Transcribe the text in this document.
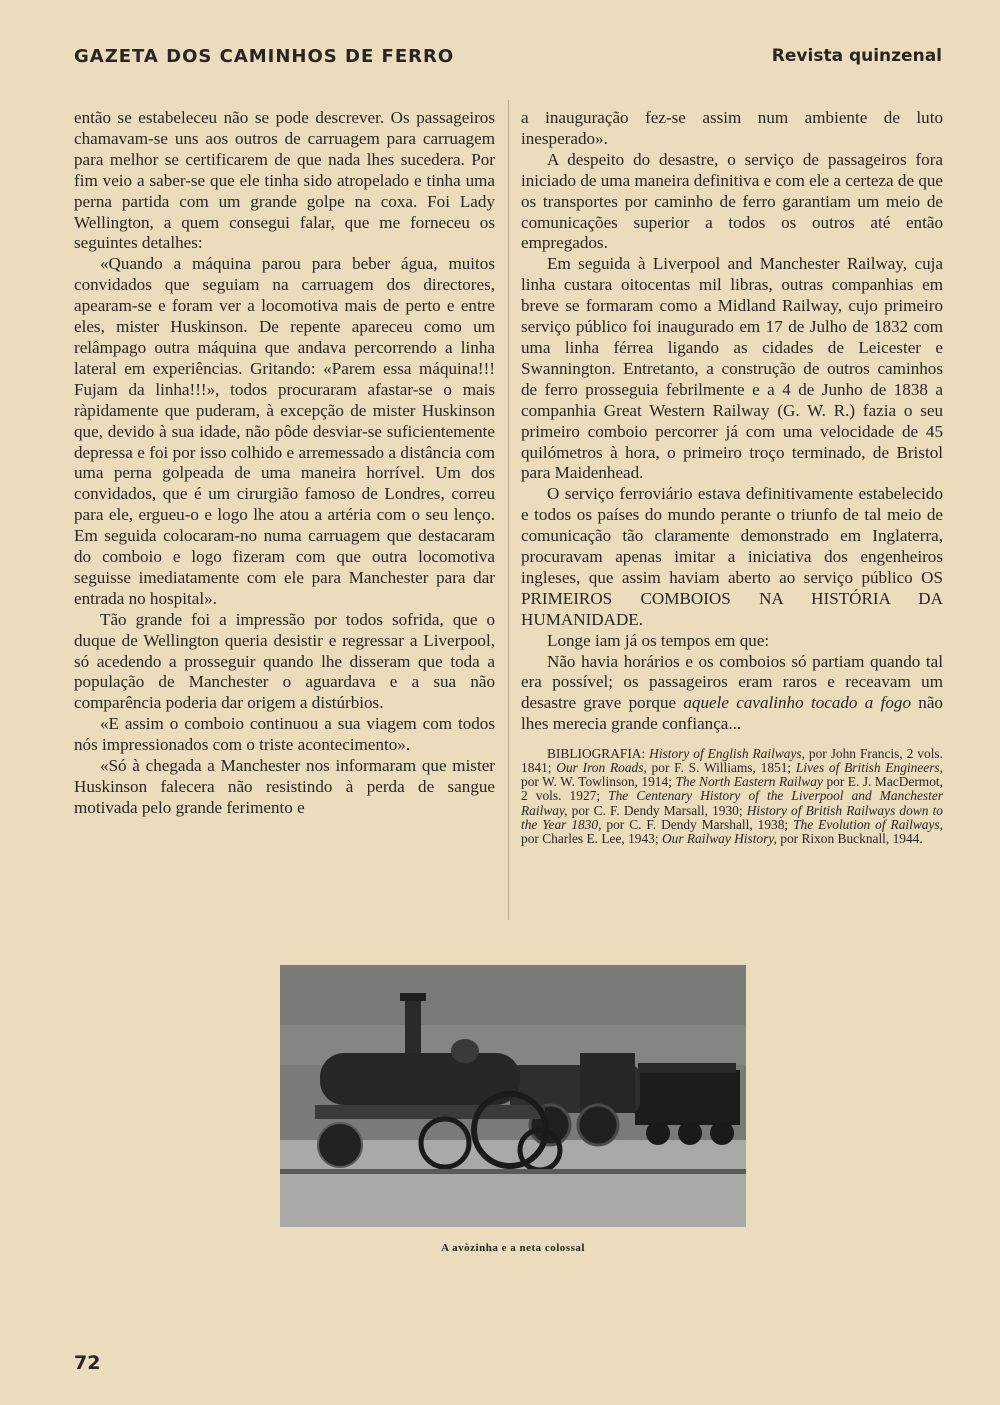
GAZETA DOS CAMINHOS DE FERRO	Revista quinzenal

então se estabeleceu não se pode descrever. Os passageiros chamavam-se uns aos outros de carruagem para carruagem para melhor se certificarem de que nada lhes sucedera. Por fim veio a saber-se que ele tinha sido atropelado e tinha uma perna partida com um grande golpe na coxa. Foi Lady Wellington, a quem consegui falar, que me forneceu os seguintes detalhes:

«Quando a máquina parou para beber água, muitos convidados que seguiam na carruagem dos directores, apearam-se e foram ver a locomotiva mais de perto e entre eles, mister Huskinson. De repente apareceu como um relâmpago outra máquina que andava percorrendo a linha lateral em experiências. Gritando: «Parem essa máquina!!! Fujam da linha!!!», todos procuraram afastar-se o mais ràpidamente que puderam, à excepção de mister Huskinson que, devido à sua idade, não pôde desviar-se suficientemente depressa e foi por isso colhido e arremessado a distância com uma perna golpeada de uma maneira horrível. Um dos convidados, que é um cirurgião famoso de Londres, correu para ele, ergueu-o e logo lhe atou a artéria com o seu lenço. Em seguida colocaram-no numa carruagem que destacaram do comboio e logo fizeram com que outra locomotiva seguisse imediatamente com ele para Manchester para dar entrada no hospital».

Tão grande foi a impressão por todos sofrida, que o duque de Wellington queria desistir e regressar a Liverpool, só acedendo a prosseguir quando lhe disseram que toda a população de Manchester o aguardava e a sua não comparência poderia dar origem a distúrbios.

«E assim o comboio continuou a sua viagem com todos nós impressionados com o triste acontecimento».

«Só à chegada a Manchester nos informaram que mister Huskinson falecera não resistindo à perda de sangue motivada pelo grande ferimento e

a inauguração fez-se assim num ambiente de luto inesperado».

A despeito do desastre, o serviço de passageiros fora iniciado de uma maneira definitiva e com ele a certeza de que os transportes por caminho de ferro garantiam um meio de comunicações superior a todos os outros até então empregados.

Em seguida à Liverpool and Manchester Railway, cuja linha custara oitocentas mil libras, outras companhias em breve se formaram como a Midland Railway, cujo primeiro serviço público foi inaugurado em 17 de Julho de 1832 com uma linha férrea ligando as cidades de Leicester e Swannington. Entretanto, a construção de outros caminhos de ferro prosseguia febrilmente e a 4 de Junho de 1838 a companhia Great Western Railway (G. W. R.) fazia o seu primeiro comboio percorrer já com uma velocidade de 45 quilómetros à hora, o primeiro troço terminado, de Bristol para Maidenhead.

O serviço ferroviário estava definitivamente estabelecido e todos os países do mundo perante o triunfo de tal meio de comunicação tão claramente demonstrado em Inglaterra, procuravam apenas imitar a iniciativa dos engenheiros ingleses, que assim haviam aberto ao serviço público OS PRIMEIROS COMBOIOS NA HISTÓRIA DA HUMANIDADE.

Longe iam já os tempos em que:

Não havia horários e os comboios só partiam quando tal era possível; os passageiros eram raros e receavam um desastre grave porque aquele cavalinho tocado a fogo não lhes merecia grande confiança...

BIBLIOGRAFIA: History of English Railways, por John Francis, 2 vols. 1841; Our Iron Roads, por F. S. Williams, 1851; Lives of British Engineers, por W. W. Towlinson, 1914; The North Eastern Railway por E. J. MacDermot, 2 vols. 1927; The Centenary History of the Liverpool and Manchester Railway, por C. F. Dendy Marsall, 1930; History of British Railways down to the Year 1830, por C. F. Dendy Marshall, 1938; The Evolution of Railways, por Charles E. Lee, 1943; Our Railway History, por Rixon Bucknall, 1944.
A avòzinha e a neta colossal
72
